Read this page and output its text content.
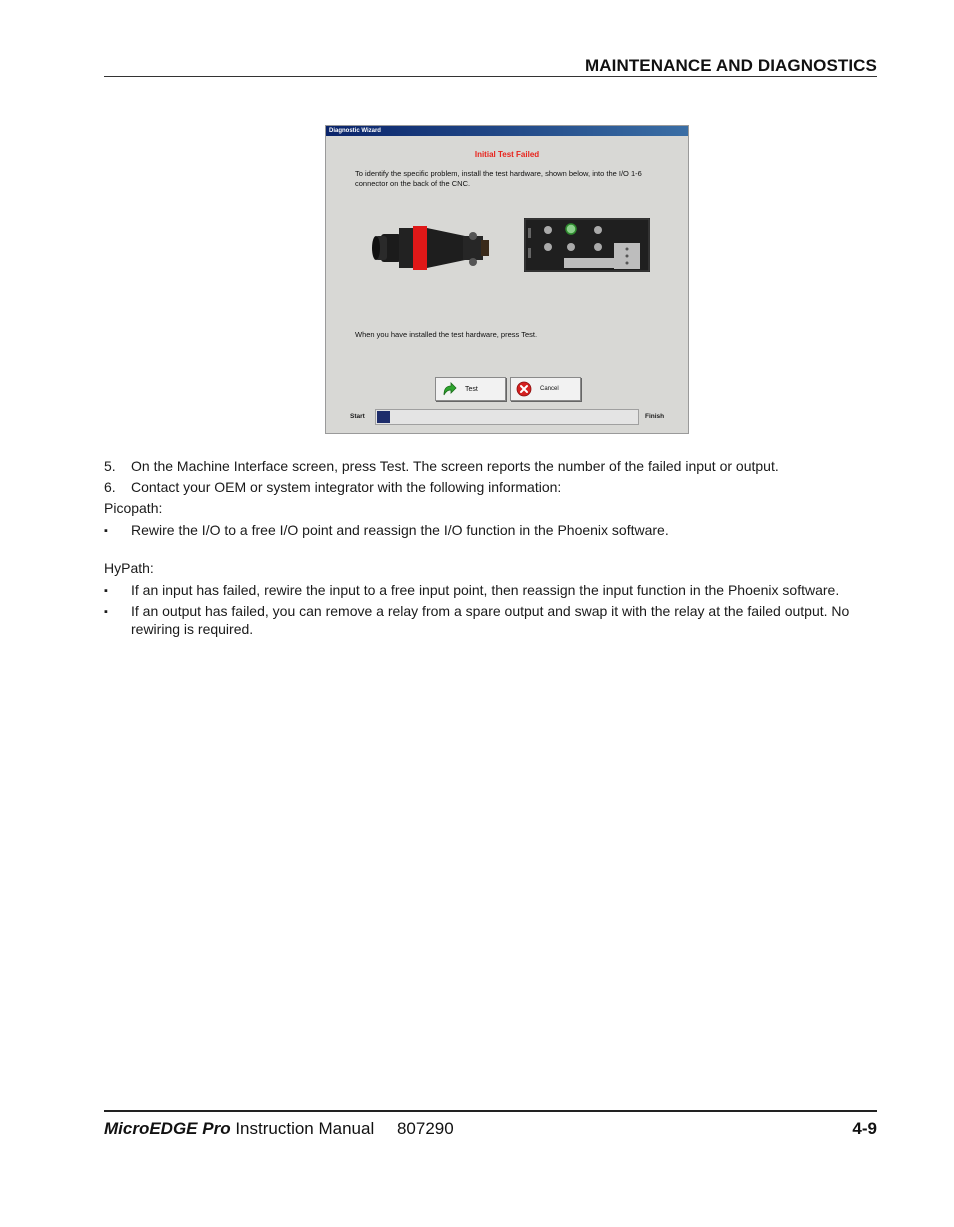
MAINTENANCE AND DIAGNOSTICS
Diagnostic Wizard
Initial Test Failed
To identify the specific problem, install the test hardware, shown below, into the I/O 1-6 connector on the back of the CNC.
When you have installed the test hardware, press Test.
Test	Cancel
Start	Finish
5. On the Machine Interface screen, press Test. The screen reports the number of the failed input or output.
6. Contact your OEM or system integrator with the following information:
Picopath:
▪ Rewire the I/O to a free I/O point and reassign the I/O function in the Phoenix software.
HyPath:
▪ If an input has failed, rewire the input to a free input point, then reassign the input function in the Phoenix software.
▪ If an output has failed, you can remove a relay from a spare output and swap it with the relay at the failed output. No rewiring is required.
MicroEDGE Pro Instruction Manual 807290	4-9
